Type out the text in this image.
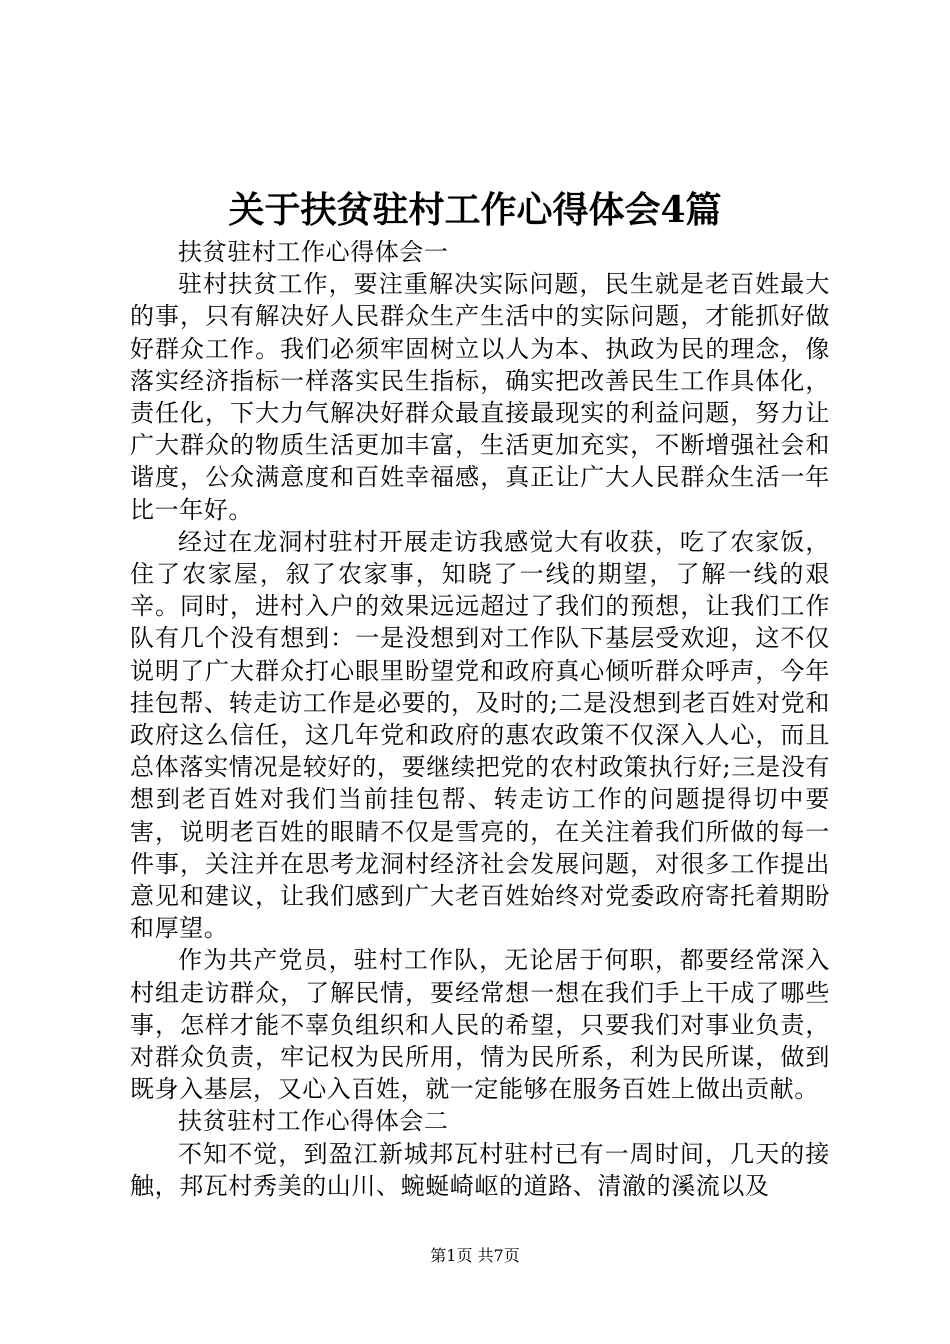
关于扶贫驻村工作心得体会4篇

扶贫驻村工作心得体会一

驻村扶贫工作，要注重解决实际问题，民生就是老百姓最大的事，只有解决好人民群众生产生活中的实际问题，才能抓好做好群众工作。我们必须牢固树立以人为本、执政为民的理念，像落实经济指标一样落实民生指标，确实把改善民生工作具体化，责任化，下大力气解决好群众最直接最现实的利益问题，努力让广大群众的物质生活更加丰富，生活更加充实，不断增强社会和谐度，公众满意度和百姓幸福感，真正让广大人民群众生活一年比一年好。

经过在龙洞村驻村开展走访我感觉大有收获，吃了农家饭，住了农家屋，叙了农家事，知晓了一线的期望，了解一线的艰辛。同时，进村入户的效果远远超过了我们的预想，让我们工作队有几个没有想到：一是没想到对工作队下基层受欢迎，这不仅说明了广大群众打心眼里盼望党和政府真心倾听群众呼声，今年挂包帮、转走访工作是必要的，及时的;二是没想到老百姓对党和政府这么信任，这几年党和政府的惠农政策不仅深入人心，而且总体落实情况是较好的，要继续把党的农村政策执行好;三是没有想到老百姓对我们当前挂包帮、转走访工作的问题提得切中要害，说明老百姓的眼睛不仅是雪亮的，在关注着我们所做的每一件事，关注并在思考龙洞村经济社会发展问题，对很多工作提出意见和建议，让我们感到广大老百姓始终对党委政府寄托着期盼和厚望。

作为共产党员，驻村工作队，无论居于何职，都要经常深入村组走访群众，了解民情，要经常想一想在我们手上干成了哪些事，怎样才能不辜负组织和人民的希望，只要我们对事业负责，对群众负责，牢记权为民所用，情为民所系，利为民所谋，做到既身入基层，又心入百姓，就一定能够在服务百姓上做出贡献。

扶贫驻村工作心得体会二

不知不觉，到盈江新城邦瓦村驻村已有一周时间，几天的接触，邦瓦村秀美的山川、蜿蜒崎岖的道路、清澈的溪流以及

第1页 共7页
